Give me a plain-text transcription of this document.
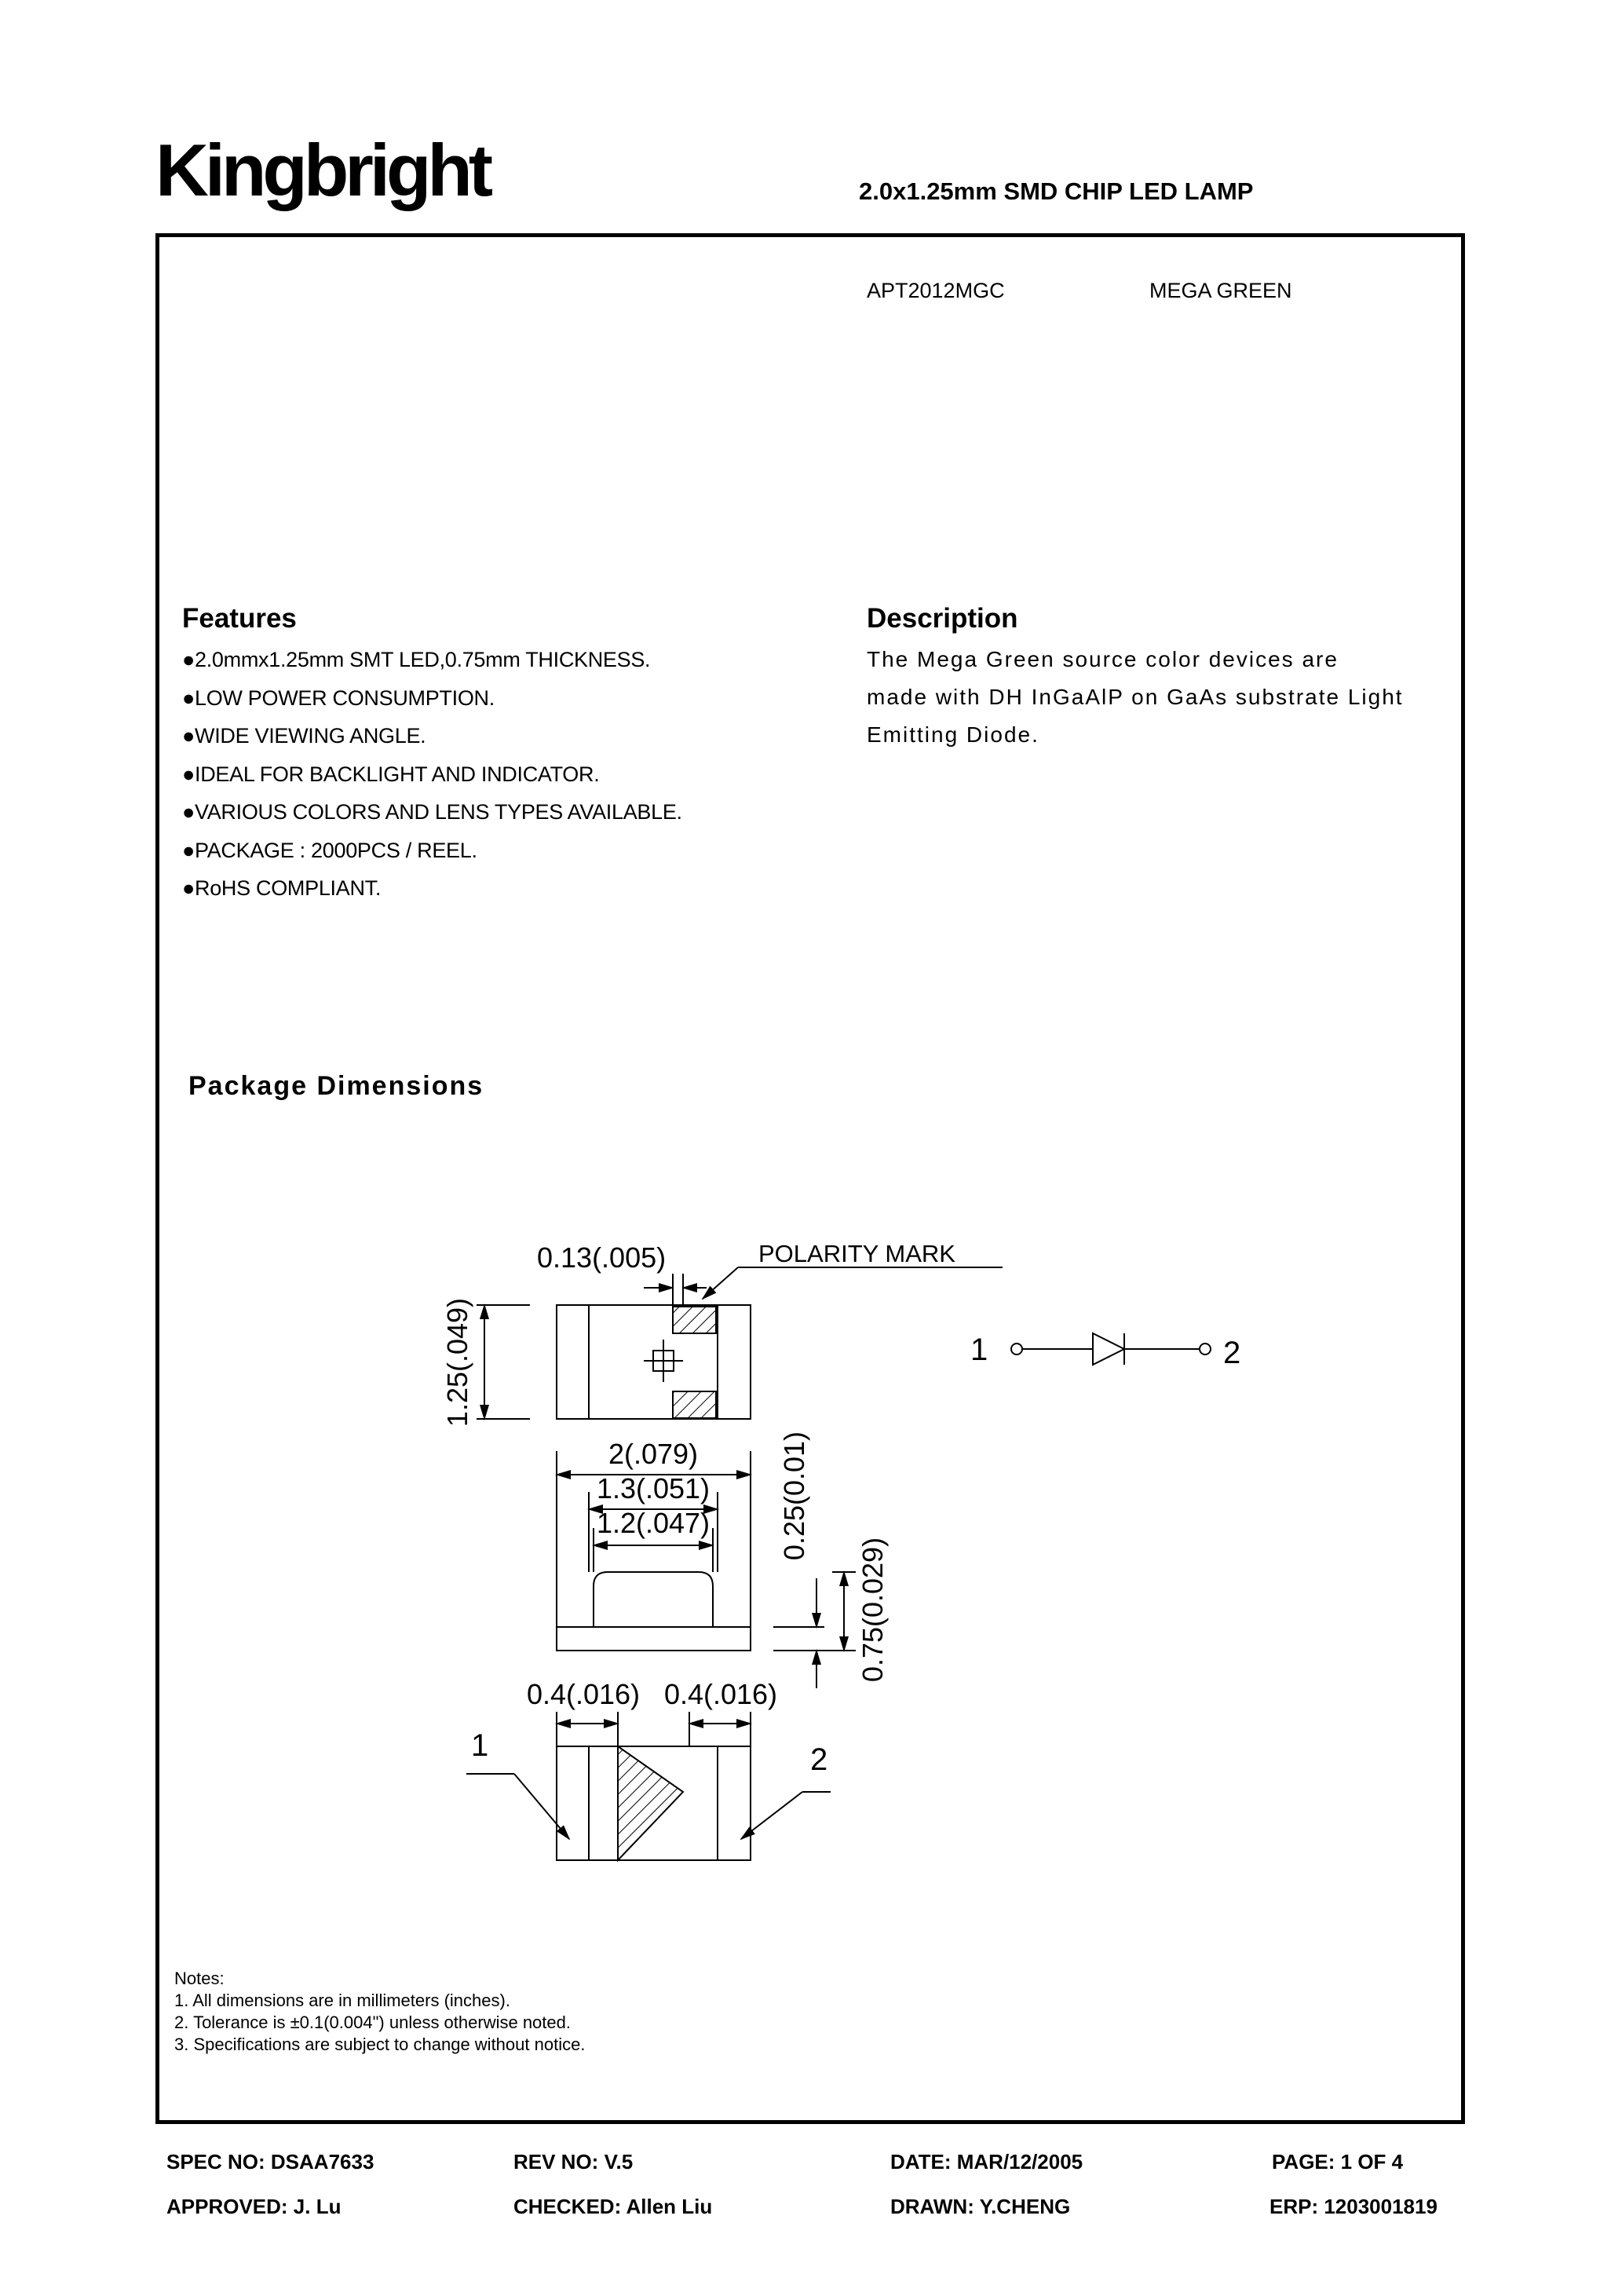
Kingbright	2.0x1.25mm SMD CHIP LED LAMP
APT2012MGC	MEGA GREEN
Features
●2.0mmx1.25mm SMT LED,0.75mm THICKNESS.
●LOW POWER CONSUMPTION.
●WIDE VIEWING ANGLE.
●IDEAL FOR BACKLIGHT AND INDICATOR.
●VARIOUS COLORS AND LENS TYPES AVAILABLE.
●PACKAGE : 2000PCS / REEL.
●RoHS COMPLIANT.
Description
The Mega Green source color devices are
made with DH InGaAlP on GaAs substrate Light
Emitting Diode.
Package Dimensions
0.13(.005)	POLARITY MARK
1.25(.049)
2(.079)
1.3(.051)
1.2(.047) 0.25(0.01)
0.75(0.029)
0.4(.016) 0.4(.016)
1	2
1	2
Notes:
1. All dimensions are in millimeters (inches).
2. Tolerance is ±0.1(0.004") unless otherwise noted.
3. Specifications are subject to change without notice.
SPEC NO: DSAA7633	REV NO: V.5	DATE: MAR/12/2005	PAGE: 1 OF 4
APPROVED: J. Lu	CHECKED: Allen Liu	DRAWN: Y.CHENG	ERP: 1203001819
